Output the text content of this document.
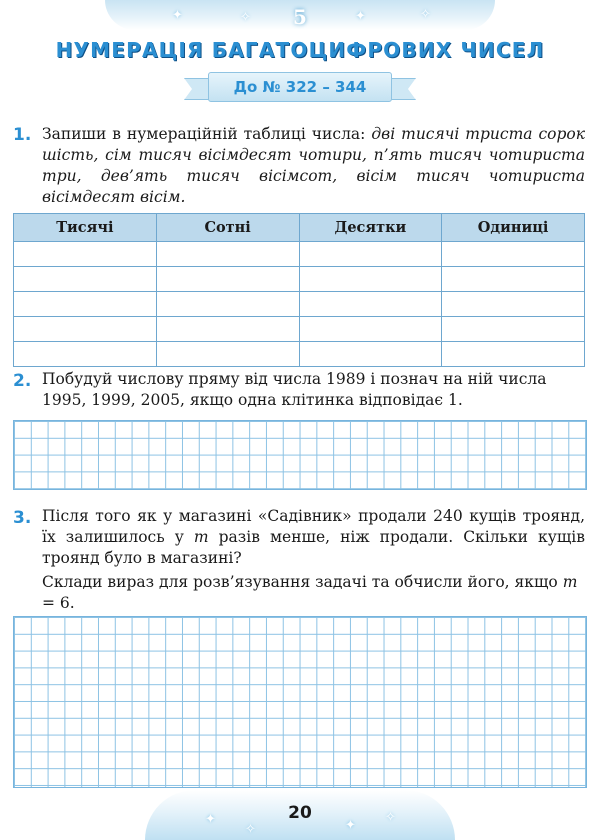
✦	✧	✦	✧
5
НУМЕРАЦІЯ БАГАТОЦИФРОВИХ ЧИСЕЛ
До № 322 – 344
1. Запиши в нумераційній таблиці числа: дві тисячі триста сорок шість, сім тисяч вісімдесят чотири, п’ять тисяч чотириста три, дев’ять тисяч вісімсот, вісім тисяч чотириста вісімдесят вісім.

Тисячі	Сотні	Десятки	Одиниці

2. Побудуй числову пряму від числа 1989 і познач на ній числа 1995, 1999, 2005, якщо одна клітинка відповідає 1.

3. Після того як у магазині «Садівник» продали 240 кущів троянд, їх залишилось у m разів менше, ніж продали. Скільки кущів троянд було в магазині?

Склади вираз для розв’язування задачі та обчисли його, якщо m = 6.

✦
✧	✦
✧
20
